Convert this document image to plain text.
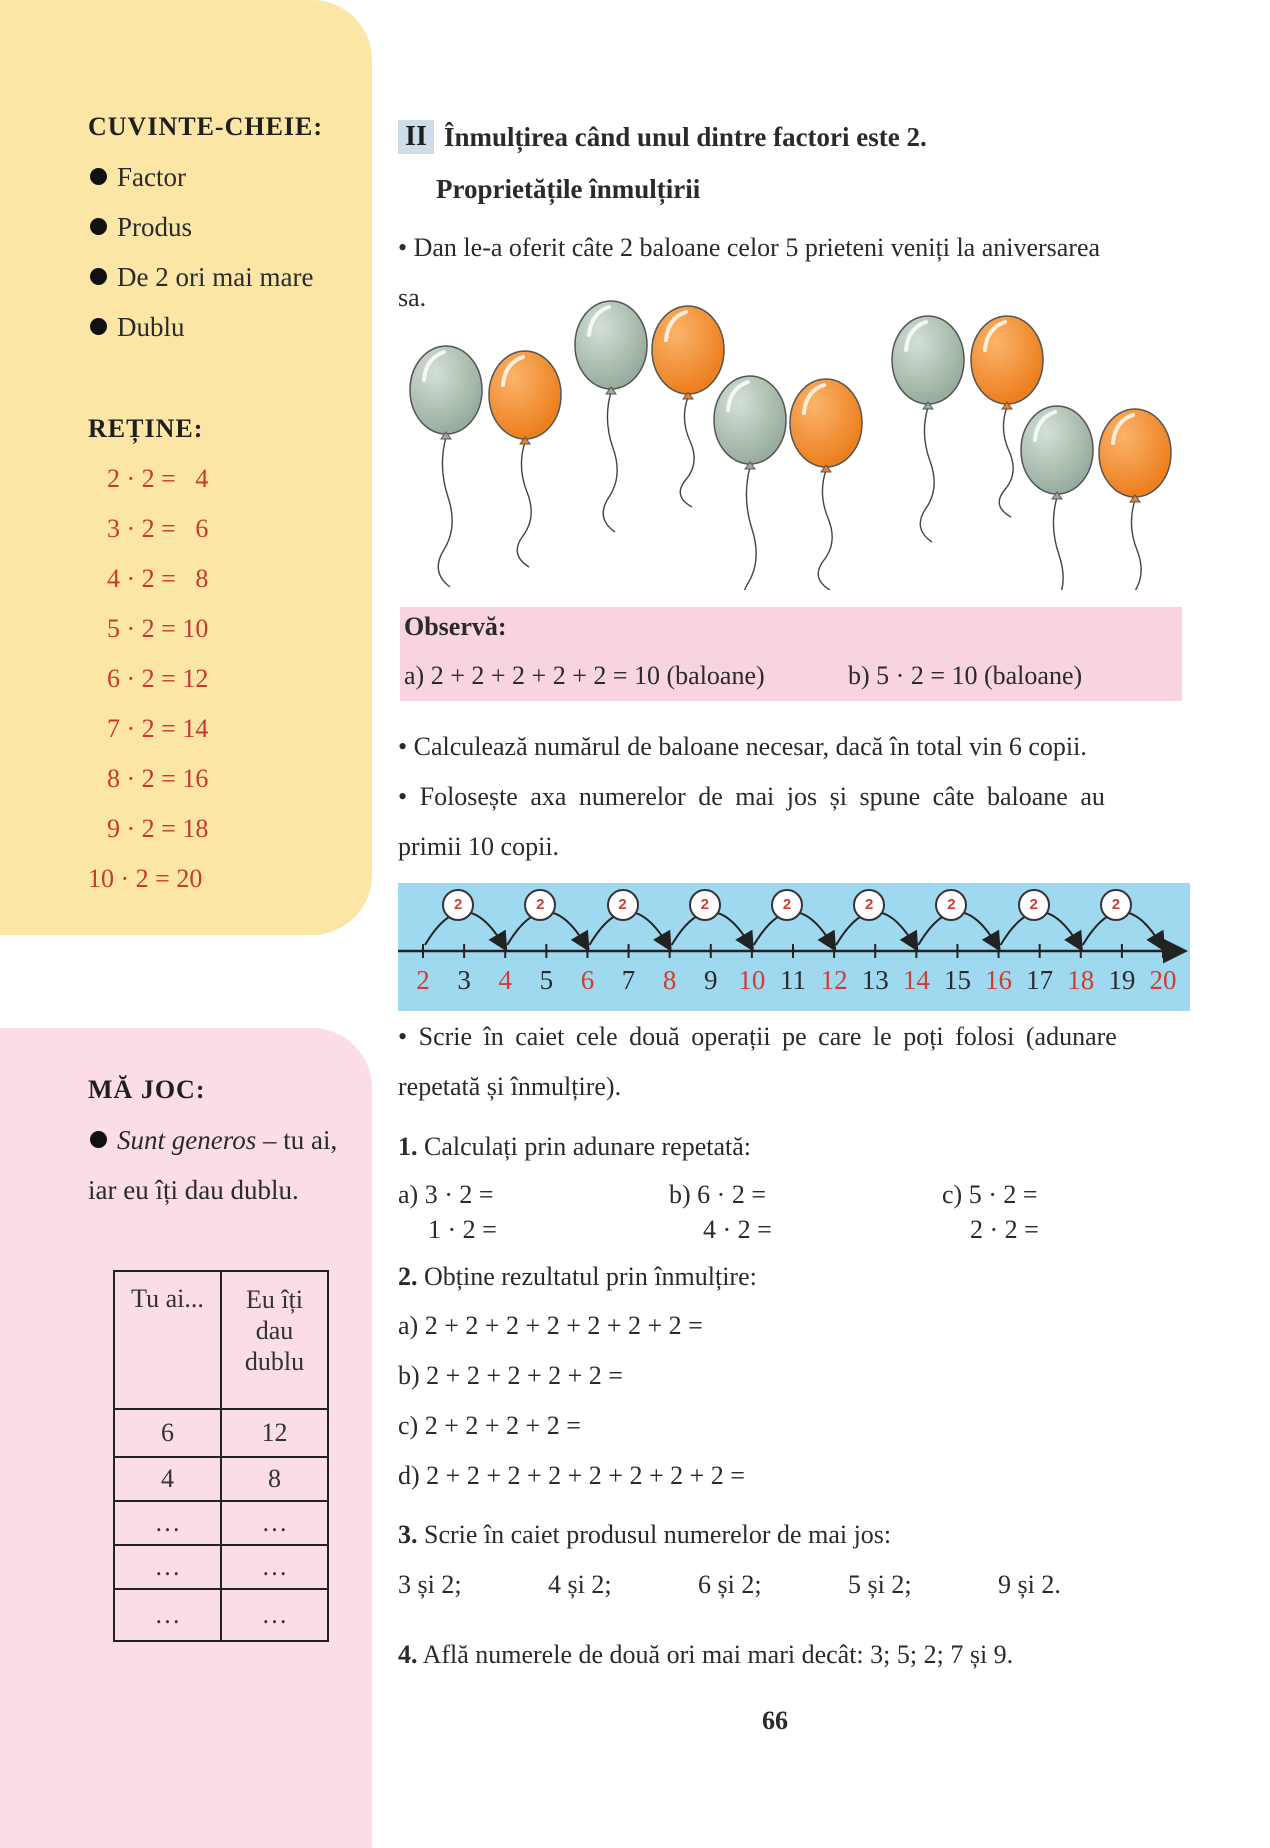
CUVINTE-CHEIE:
Factor
Produs
De 2 ori mai mare
Dublu
REȚINE:
2 · 2 =   4
3 · 2 =   6
4 · 2 =   8
5 · 2 = 10
6 · 2 = 12
7 · 2 = 14
8 · 2 = 16
9 · 2 = 18
10 · 2 = 20
MĂ JOC:
Sunt generos – tu ai,
iar eu îți dau dublu.
Tu ai...	Eu îți
dau
dublu

6	12
4	8
…	…
…	…
…	…
II Înmulțirea când unul dintre factori este 2.
Proprietățile înmulțirii
• Dan le-a oferit câte 2 baloane celor 5 prieteni veniți la aniversarea
sa.
Observă:
a) 2 + 2 + 2 + 2 + 2 = 10 (baloane)	b) 5 · 2 = 10 (baloane)
• Calculează numărul de baloane necesar, dacă în total vin 6 copii.
• Folosește axa numerelor de mai jos și spune câte baloane au
primii 10 copii.
2	2	2	2	2	2	2	2	2
2 3 4 5 6 7 8 9 10 11 12 13 14 15 16 17 18 19 20
• Scrie în caiet cele două operații pe care le poți folosi (adunare
repetată și înmulțire).
1. Calculați prin adunare repetată:
a) 3 · 2 =
1 · 2 =
b) 6 · 2 =
4 · 2 =
c) 5 · 2 =
2 · 2 =
2. Obține rezultatul prin înmulțire:
a) 2 + 2 + 2 + 2 + 2 + 2 + 2 =
b) 2 + 2 + 2 + 2 + 2 =
c) 2 + 2 + 2 + 2 =
d) 2 + 2 + 2 + 2 + 2 + 2 + 2 + 2 =
3. Scrie în caiet produsul numerelor de mai jos:
3 și 2;	4 și 2;	6 și 2;	5 și 2;	9 și 2.
4. Află numerele de două ori mai mari decât: 3; 5; 2; 7 și 9.
66
